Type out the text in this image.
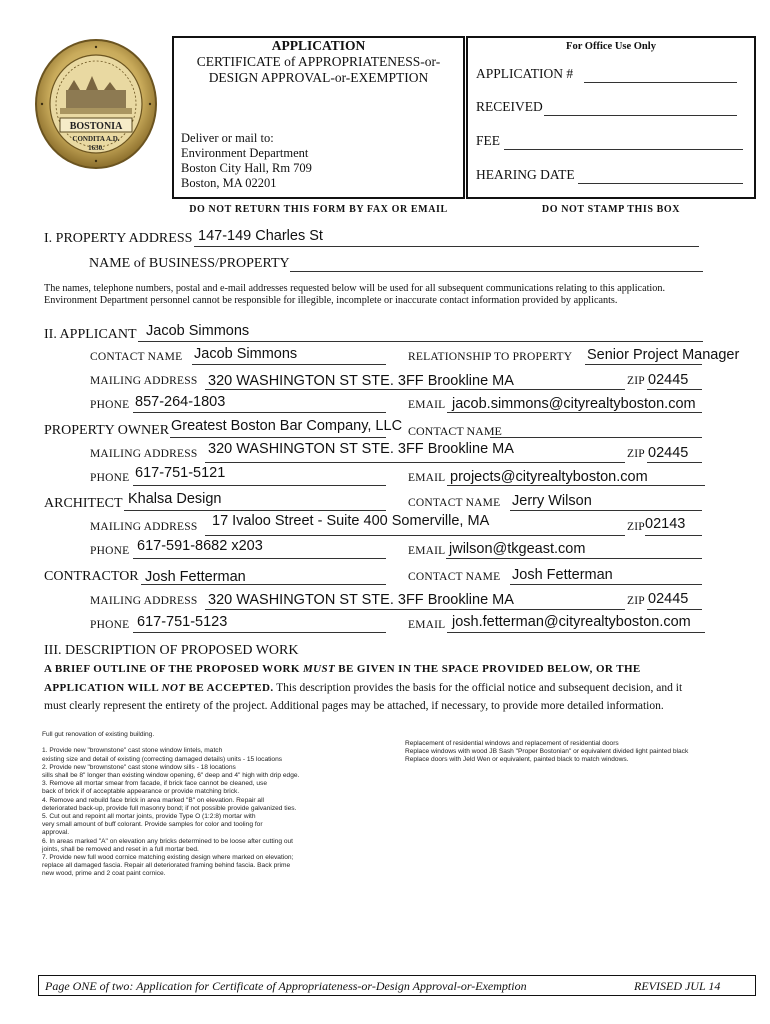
BOSTONIA
CONDITA A.D.
1630.
APPLICATION
CERTIFICATE of APPROPRIATENESS-or-
DESIGN APPROVAL-or-EXEMPTION
Deliver or mail to:
Environment Department
Boston City Hall, Rm 709
Boston, MA 02201
DO NOT RETURN THIS FORM BY FAX OR EMAIL
For Office Use Only
APPLICATION #
RECEIVED
FEE
HEARING DATE
DO NOT STAMP THIS BOX
I. PROPERTY ADDRESS 147-149 Charles St
NAME of BUSINESS/PROPERTY
The names, telephone numbers, postal and e-mail addresses requested below will be used for all subsequent communications relating to this application.
Environment Department personnel cannot be responsible for illegible, incomplete or inaccurate contact information provided by applicants.
II. APPLICANT Jacob Simmons
CONTACT NAME Jacob Simmons	RELATIONSHIP TO PROPERTY Senior Project Manager
MAILING ADDRESS 320 WASHINGTON ST STE. 3FF Brookline MA	ZIP 02445
PHONE 857-264-1803	EMAIL jacob.simmons@cityrealtyboston.com
PROPERTY OWNER Greatest Boston Bar Company, LLC CONTACT NAME
MAILING ADDRESS 320 WASHINGTON ST STE. 3FF Brookline MA	ZIP 02445
PHONE 617-751-5121	EMAIL projects@cityrealtyboston.com
ARCHITECT Khalsa Design	CONTACT NAME Jerry Wilson
MAILING ADDRESS 17 Ivaloo Street - Suite 400 Somerville, MA	ZIP 02143
PHONE 617-591-8682 x203	EMAIL jwilson@tkgeast.com
CONTRACTOR Josh Fetterman	CONTACT NAME Josh Fetterman
MAILING ADDRESS 320 WASHINGTON ST STE. 3FF Brookline MA	ZIP 02445
PHONE 617-751-5123	EMAIL josh.fetterman@cityrealtyboston.com
III. DESCRIPTION OF PROPOSED WORK
A BRIEF OUTLINE OF THE PROPOSED WORK MUST BE GIVEN IN THE SPACE PROVIDED BELOW, OR THE
APPLICATION WILL NOT BE ACCEPTED. This description provides the basis for the official notice and subsequent decision, and it
must clearly represent the entirety of the project. Additional pages may be attached, if necessary, to provide more detailed information.
Full gut renovation of existing building.

1. Provide new "brownstone" cast stone window lintels, match
existing size and detail of existing (correcting damaged details) units - 15 locations
2. Provide new "brownstone" cast stone window sills - 18 locations
sills shall be 8" longer than existing window opening, 6" deep and 4" high with drip edge.
3. Remove all mortar smear from facade, if brick face cannot be cleaned, use
back of brick if of acceptable appearance or provide matching brick.
4. Remove and rebuild face brick in area marked "B" on elevation. Repair all
deteriorated back-up, provide full masonry bond; if not possible provide galvanized ties.
5. Cut out and repoint all mortar joints, provide Type O (1:2:8) mortar with
very small amount of buff colorant. Provide samples for color and tooling for
approval.
6. In areas marked "A" on elevation any bricks determined to be loose after cutting out
joints, shall be removed and reset in a full mortar bed.
7. Provide new full wood cornice matching existing design where marked on elevation;
replace all damaged fascia. Repair all deteriorated framing behind fascia. Back prime
new wood, prime and 2 coat paint cornice.
Replacement of residential windows and replacement of residential doors
Replace windows with wood JB Sash "Proper Bostonian" or equivalent divided light painted black
Replace doors with Jeld Wen or equivalent, painted black to match windows.
Page ONE of two: Application for Certificate of Appropriateness-or-Design Approval-or-Exemption	REVISED JUL 14
